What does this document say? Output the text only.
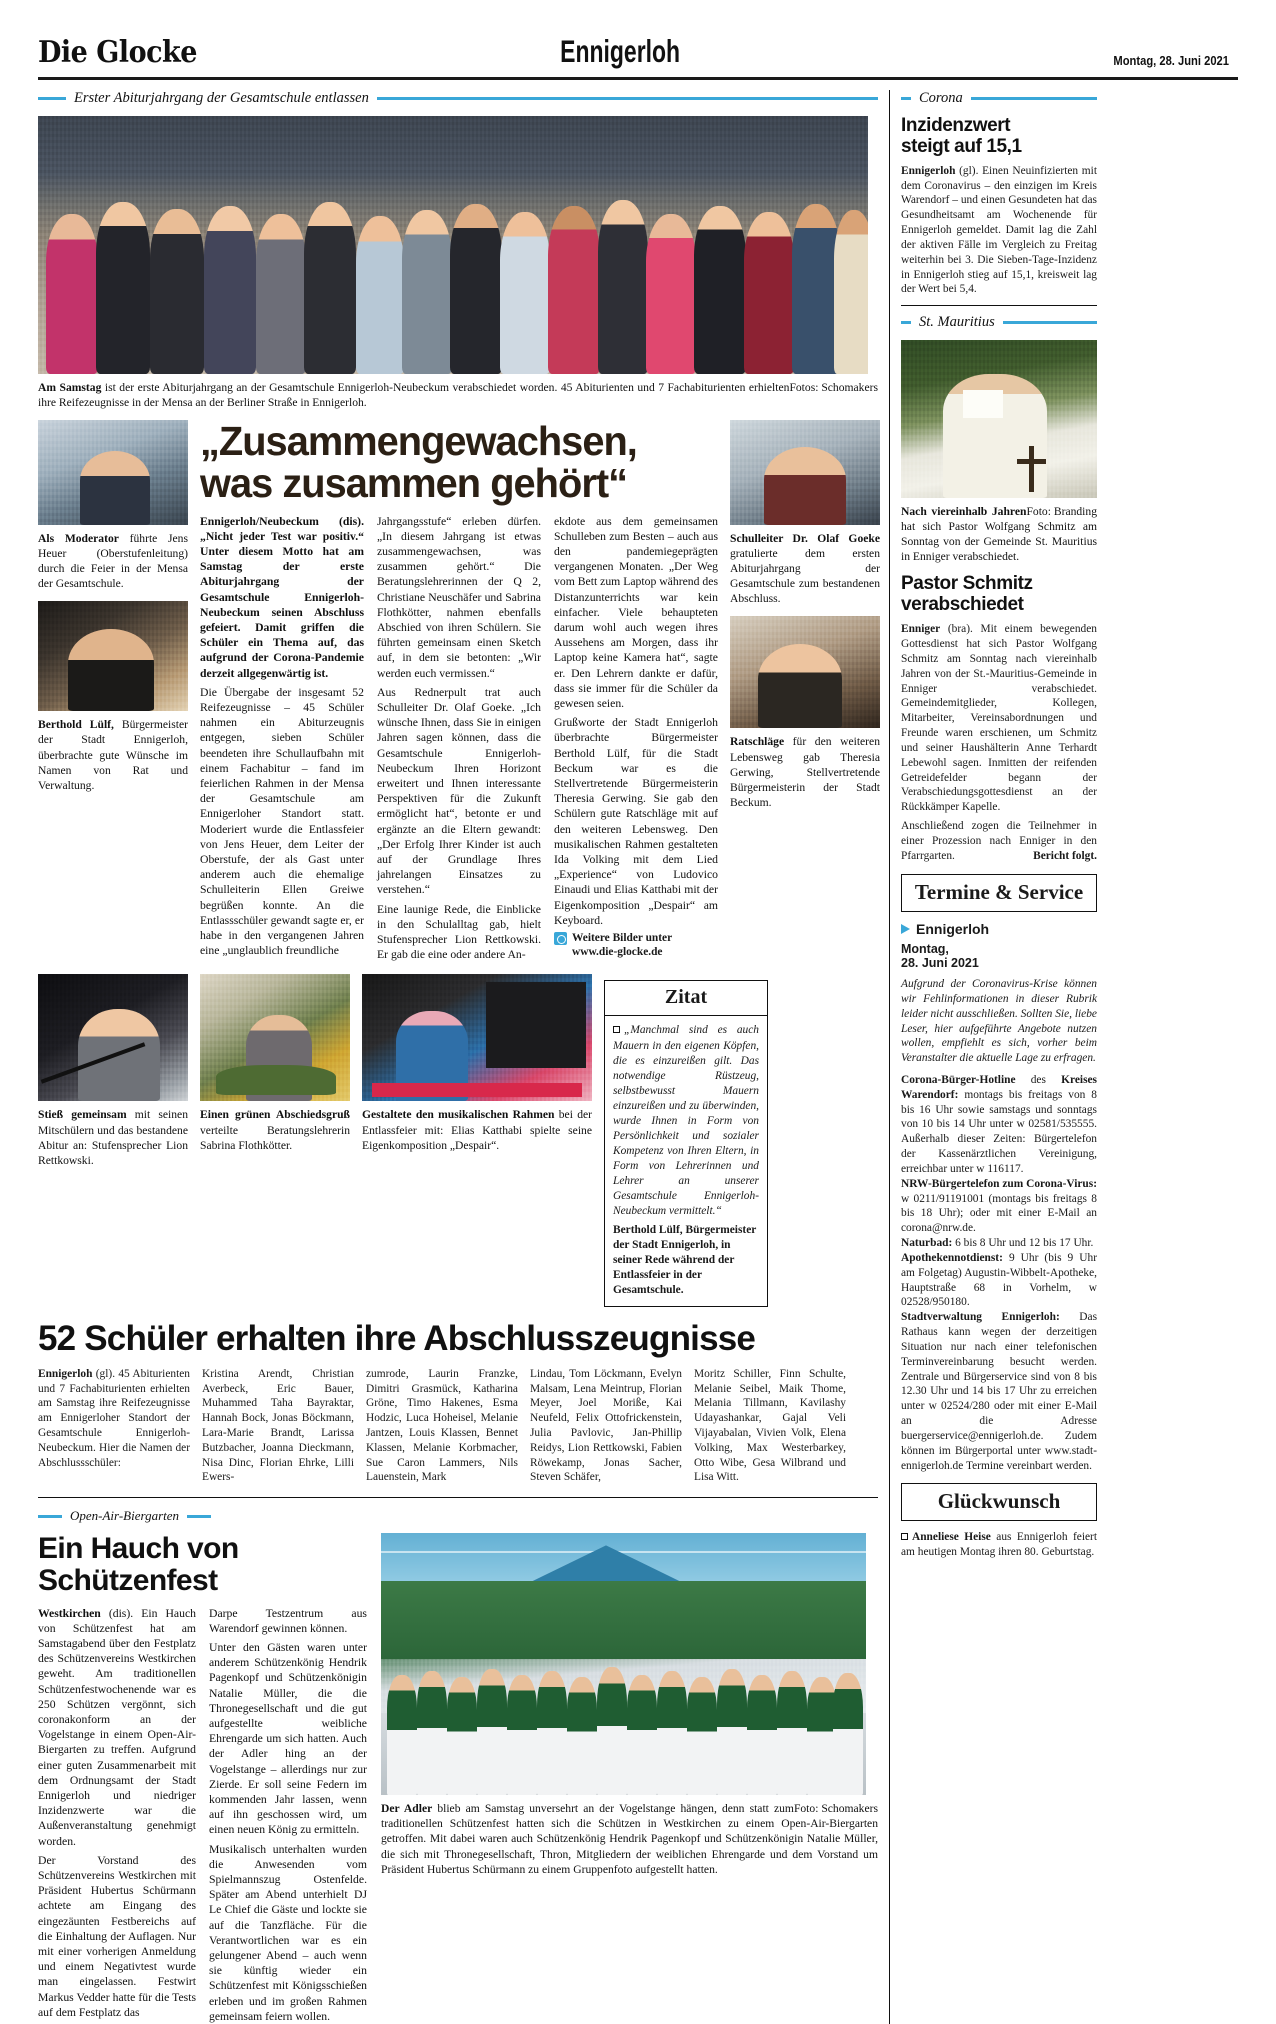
Die Glocke	Ennigerloh	Montag, 28. Juni 2021
Erster Abiturjahrgang der Gesamtschule entlassen
Fotos: Schomakers
Am Samstag ist der erste Abiturjahrgang an der Gesamtschule Ennigerloh-Neubeckum verabschiedet worden. 45 Abiturienten und 7 Fachabiturienten erhielten ihre Reifezeugnisse in der Mensa an der Berliner Straße in Ennigerloh.
Als Moderator führte Jens Heuer (Oberstufenleitung) durch die Feier in der Mensa der Gesamtschule.
Berthold Lülf, Bürgermeister der Stadt Ennigerloh, überbrachte gute Wünsche im Namen von Rat und Verwaltung.
„Zusammengewachsen,
was zusammen gehört“
Ennigerloh/Neubeckum (dis). „Nicht jeder Test war positiv.“ Unter diesem Motto hat am Samstag der erste Abiturjahrgang der Gesamtschule Ennigerloh-Neubeckum seinen Abschluss gefeiert. Damit griffen die Schüler ein Thema auf, das aufgrund der Corona-Pandemie derzeit allgegenwärtig ist.
Die Übergabe der insgesamt 52 Reifezeugnisse – 45 Schüler nahmen ein Abiturzeugnis entgegen, sieben Schüler beendeten ihre Schullaufbahn mit einem Fachabitur – fand im feierlichen Rahmen in der Mensa der Gesamtschule am Ennigerloher Standort statt. Moderiert wurde die Entlassfeier von Jens Heuer, dem Leiter der Oberstufe, der als Gast unter anderem auch die ehemalige Schulleiterin Ellen Greiwe begrüßen konnte. An die Entlassschüler gewandt sagte er, er habe in den vergangenen Jahren eine „unglaublich freundliche
Jahrgangsstufe“ erleben dürfen. „In diesem Jahrgang ist etwas zusammengewachsen, was zusammen gehört.“ Die Beratungslehrerinnen der Q 2, Christiane Neuschäfer und Sabrina Flothkötter, nahmen ebenfalls Abschied von ihren Schülern. Sie führten gemeinsam einen Sketch auf, in dem sie betonten: „Wir werden euch vermissen.“
Aus Rednerpult trat auch Schulleiter Dr. Olaf Goeke. „Ich wünsche Ihnen, dass Sie in einigen Jahren sagen können, dass die Gesamtschule Ennigerloh-Neubeckum Ihren Horizont erweitert und Ihnen interessante Perspektiven für die Zukunft ermöglicht hat“, betonte er und ergänzte an die Eltern gewandt: „Der Erfolg Ihrer Kinder ist auch auf der Grundlage Ihres jahrelangen Einsatzes zu verstehen.“
Eine launige Rede, die Einblicke in den Schulalltag gab, hielt Stufensprecher Lion Rettkowski. Er gab die eine oder andere An-
ekdote aus dem gemeinsamen Schulleben zum Besten – auch aus den pandemiegeprägten vergangenen Monaten. „Der Weg vom Bett zum Laptop während des Distanzunterrichts war kein einfacher. Viele behaupteten darum wohl auch wegen ihres Aussehens am Morgen, dass ihr Laptop keine Kamera hat“, sagte er. Den Lehrern dankte er dafür, dass sie immer für die Schüler da gewesen seien.
Grußworte der Stadt Ennigerloh überbrachte Bürgermeister Berthold Lülf, für die Stadt Beckum war es die Stellvertretende Bürgermeisterin Theresia Gerwing. Sie gab den Schülern gute Ratschläge mit auf den weiteren Lebensweg. Den musikalischen Rahmen gestalteten Ida Volking mit dem Lied „Experience“ von Ludovico Einaudi und Elias Katthabi mit der Eigenkomposition „Despair“ am Keyboard.
Weitere Bilder unter www.die-glocke.de
Schulleiter Dr. Olaf Goeke gratulierte dem ersten Abiturjahrgang der Gesamtschule zum bestandenen Abschluss.
Ratschläge für den weiteren Lebensweg gab Theresia Gerwing, Stellvertretende Bürgermeisterin der Stadt Beckum.
Stieß gemeinsam mit seinen Mitschülern und das bestandene Abitur an: Stufensprecher Lion Rettkowski.
Einen grünen Abschiedsgruß verteilte Beratungslehrerin Sabrina Flothkötter.
Gestaltete den musikalischen Rahmen bei der Entlassfeier mit: Elias Katthabi spielte seine Eigenkomposition „Despair“.
Zitat
„Manchmal sind es auch Mauern in den eigenen Köpfen, die es einzureißen gilt. Das notwendige Rüstzeug, selbstbewusst Mauern einzureißen und zu überwinden, wurde Ihnen in Form von Persönlichkeit und sozialer Kompetenz von Ihren Eltern, in Form von Lehrerinnen und Lehrer an unserer Gesamtschule Ennigerloh-Neubeckum vermittelt.“
Berthold Lülf, Bürgermeister der Stadt Ennigerloh, in seiner Rede während der Entlassfeier in der Gesamtschule.
52 Schüler erhalten ihre Abschlusszeugnisse
Ennigerloh (gl). 45 Abiturienten und 7 Fachabiturienten erhielten am Samstag ihre Reifezeugnisse am Ennigerloher Standort der Gesamtschule Ennigerloh-Neubeckum. Hier die Namen der Abschlussschüler:
Kristina Arendt, Christian Averbeck, Eric Bauer, Muhammed Taha Bayraktar, Hannah Bock, Jonas Böckmann, Lara-Marie Brandt, Larissa Butzbacher, Joanna Dieckmann, Nisa Dinc, Florian Ehrke, Lilli Ewers-
zumrode, Laurin Franzke, Dimitri Grasmück, Katharina Gröne, Timo Hakenes, Esma Hodzic, Luca Hoheisel, Melanie Jantzen, Louis Klassen, Bennet Klassen, Melanie Korbmacher, Sue Caron Lammers, Nils Lauenstein, Mark
Lindau, Tom Löckmann, Evelyn Malsam, Lena Meintrup, Florian Meyer, Joel Moriße, Kai Neufeld, Felix Ottofrickenstein, Julia Pavlovic, Jan-Phillip Reidys, Lion Rettkowski, Fabien Röwekamp, Jonas Sacher, Steven Schäfer,
Moritz Schiller, Finn Schulte, Melanie Seibel, Maik Thome, Melania Tillmann, Kavilashy Udayashankar, Gajal Veli Vijayabalan, Vivien Volk, Elena Volking, Max Westerbarkey, Otto Wibe, Gesa Wilbrand und Lisa Witt.
Open-Air-Biergarten
Ein Hauch von
Schützenfest
Westkirchen (dis). Ein Hauch von Schützenfest hat am Samstagabend über den Festplatz des Schützenvereins Westkirchen geweht. Am traditionellen Schützenfestwochenende war es 250 Schützen vergönnt, sich coronakonform an der Vogelstange in einem Open-Air-Biergarten zu treffen. Aufgrund einer guten Zusammenarbeit mit dem Ordnungsamt der Stadt Ennigerloh und niedriger Inzidenzwerte war die Außenveranstaltung genehmigt worden.
Der Vorstand des Schützenvereins Westkirchen mit Präsident Hubertus Schürmann achtete am Eingang des eingezäunten Festbereichs auf die Einhaltung der Auflagen. Nur mit einer vorherigen Anmeldung und einem Negativtest wurde man eingelassen. Festwirt Markus Vedder hatte für die Tests auf dem Festplatz das
Darpe Testzentrum aus Warendorf gewinnen können.
Unter den Gästen waren unter anderem Schützenkönig Hendrik Pagenkopf und Schützenkönigin Natalie Müller, die die Thronegesellschaft und die gut aufgestellte weibliche Ehrengarde um sich hatten. Auch der Adler hing an der Vogelstange – allerdings nur zur Zierde. Er soll seine Federn im kommenden Jahr lassen, wenn auf ihn geschossen wird, um einen neuen König zu ermitteln.
Musikalisch unterhalten wurden die Anwesenden vom Spielmannszug Ostenfelde. Später am Abend unterhielt DJ Le Chief die Gäste und lockte sie auf die Tanzfläche. Für die Verantwortlichen war es ein gelungener Abend – auch wenn sie künftig wieder ein Schützenfest mit Königsschießen erleben und im großen Rahmen gemeinsam feiern wollen.
Foto: Schomakers
Der Adler blieb am Samstag unversehrt an der Vogelstange hängen, denn statt zum traditionellen Schützenfest hatten sich die Schützen in Westkirchen zu einem Open-Air-Biergarten getroffen. Mit dabei waren auch Schützenkönig Hendrik Pagenkopf und Schützenkönigin Natalie Müller, die sich mit Thronegesellschaft, Thron, Mitgliedern der weiblichen Ehrengarde und dem Vorstand um Präsident Hubertus Schürmann zu einem Gruppenfoto aufgestellt hatten.
Corona
Inzidenzwert
steigt auf 15,1
Ennigerloh (gl). Einen Neuinfizierten mit dem Coronavirus – den einzigen im Kreis Warendorf – und einen Gesundeten hat das Gesundheitsamt am Wochenende für Ennigerloh gemeldet. Damit lag die Zahl der aktiven Fälle im Vergleich zu Freitag weiterhin bei 3. Die Sieben-Tage-Inzidenz in Ennigerloh stieg auf 15,1, kreisweit lag der Wert bei 5,4.
St. Mauritius
Foto: Branding
Nach viereinhalb Jahren hat sich Pastor Wolfgang Schmitz am Sonntag von der Gemeinde St. Mauritius in Enniger verabschiedet.
Pastor Schmitz
verabschiedet
Enniger (bra). Mit einem bewegenden Gottesdienst hat sich Pastor Wolfgang Schmitz am Sonntag nach viereinhalb Jahren von der St.-Mauritius-Gemeinde in Enniger verabschiedet. Gemeindemitglieder, Kollegen, Mitarbeiter, Vereinsabordnungen und Freunde waren erschienen, um Schmitz und seiner Haushälterin Anne Terhardt Lebewohl sagen. Inmitten der reifenden Getreidefelder begann der Verabschiedungsgottesdienst an der Rückkämper Kapelle.
Anschließend zogen die Teilnehmer in einer Prozession nach Enniger in den Pfarrgarten.	Bericht folgt.
Termine & Service
Ennigerloh
Montag,
28. Juni 2021
Aufgrund der Coronavirus-Krise können wir Fehlinformationen in dieser Rubrik leider nicht ausschließen. Sollten Sie, liebe Leser, hier aufgeführte Angebote nutzen wollen, empfiehlt es sich, vorher beim Veranstalter die aktuelle Lage zu erfragen.
Corona-Bürger-Hotline des Kreises Warendorf: montags bis freitags von 8 bis 16 Uhr sowie samstags und sonntags von 10 bis 14 Uhr unter w 02581/535555. Außerhalb dieser Zeiten: Bürgertelefon der Kassenärztlichen Vereinigung, erreichbar unter w 116117.
NRW-Bürgertelefon zum Corona-Virus: w 0211/91191001 (montags bis freitags 8 bis 18 Uhr); oder mit einer E-Mail an corona@nrw.de.
Naturbad: 6 bis 8 Uhr und 12 bis 17 Uhr.
Apothekennotdienst: 9 Uhr (bis 9 Uhr am Folgetag) Augustin-Wibbelt-Apotheke, Hauptstraße 68 in Vorhelm, w 02528/950180.
Stadtverwaltung Ennigerloh: Das Rathaus kann wegen der derzeitigen Situation nur nach einer telefonischen Terminvereinbarung besucht werden. Zentrale und Bürgerservice sind von 8 bis 12.30 Uhr und 14 bis 17 Uhr zu erreichen unter w 02524/280 oder mit einer E-Mail an die Adresse buergerservice@ennigerloh.de. Zudem können im Bürgerportal unter www.stadt-ennigerloh.de Termine vereinbart werden.
Glückwunsch
Anneliese Heise aus Ennigerloh feiert am heutigen Montag ihren 80. Geburtstag.
